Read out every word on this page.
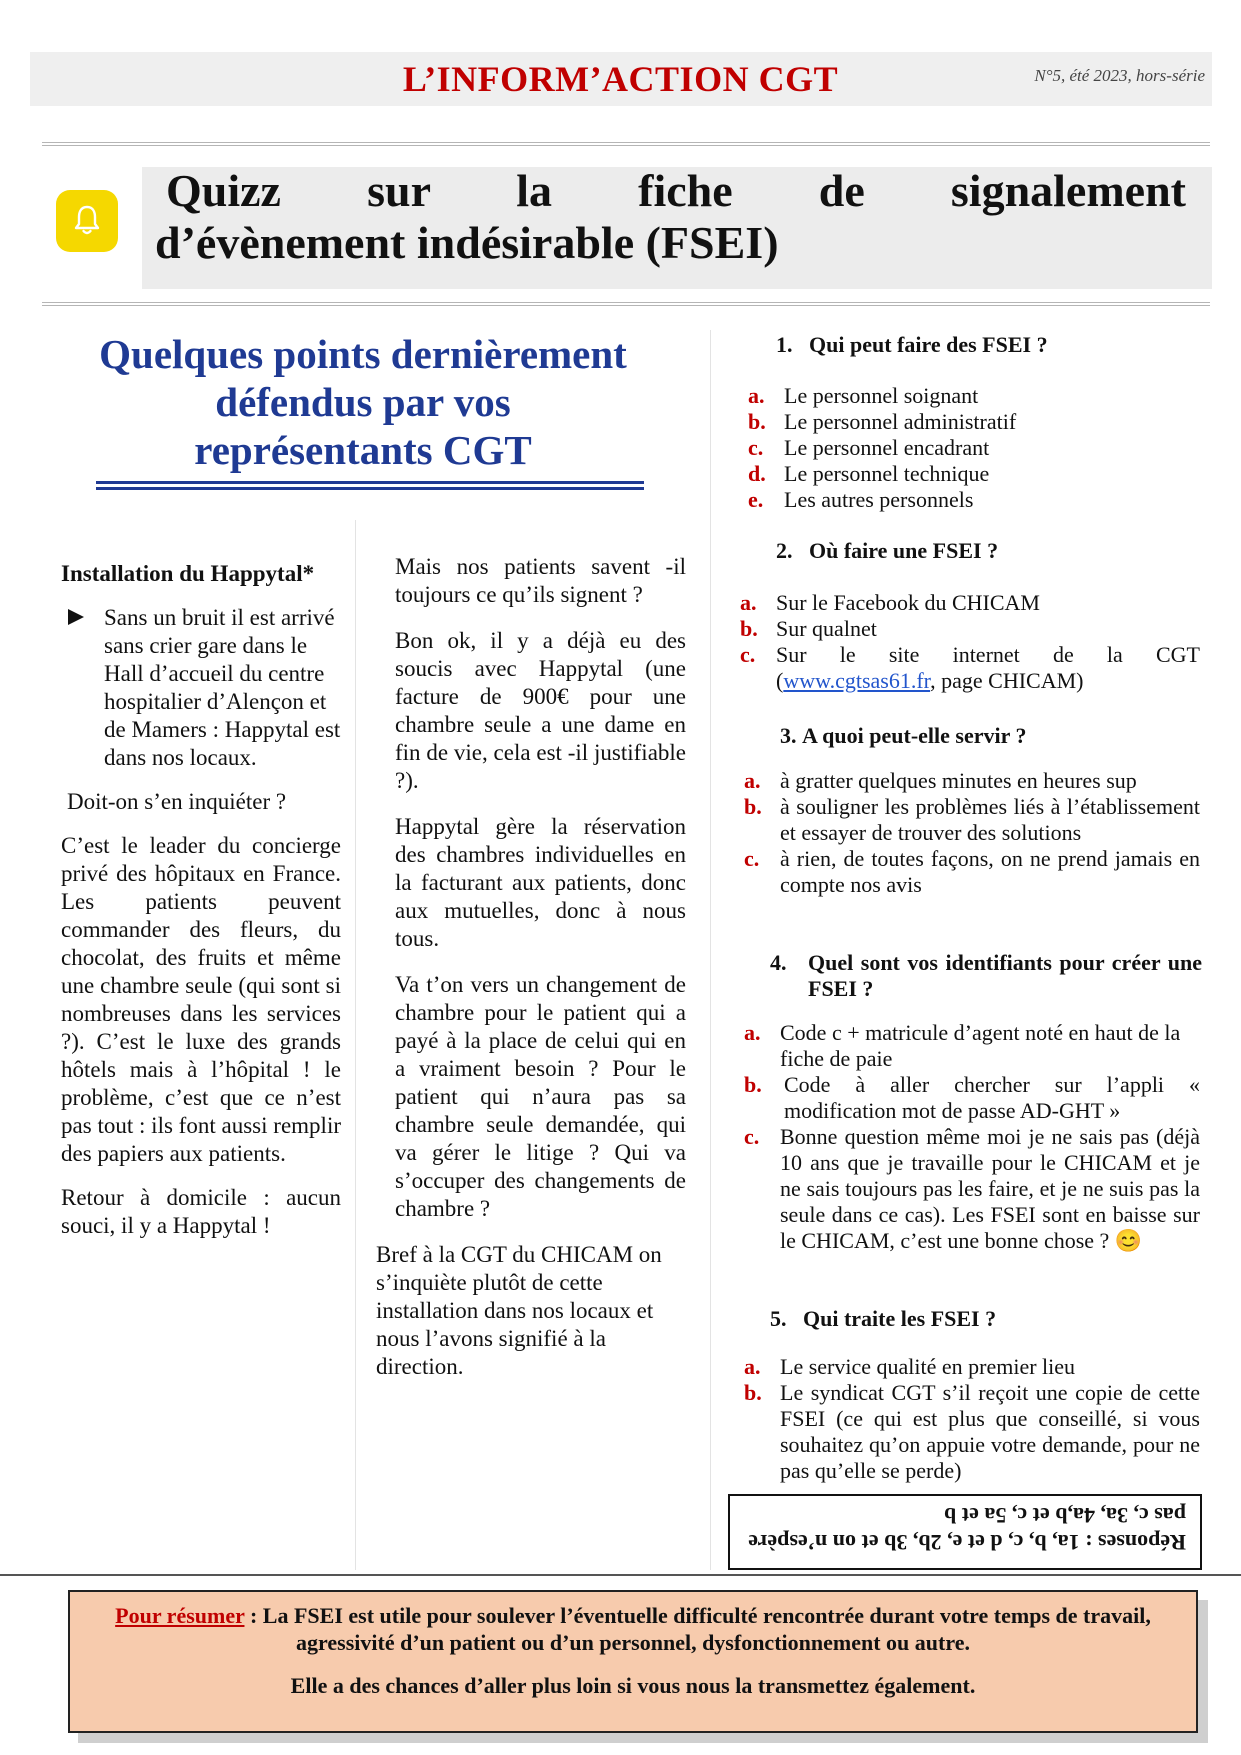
L’INFORM’ACTION CGT	N°5, été 2023, hors-série
Quizz sur la fiche de signalement
d’évènement indésirable (FSEI)
Quelques points dernièrement
défendus par vos
représentants CGT
Installation du Happytal*
Sans un bruit il est arrivé sans crier gare dans le Hall d’accueil du centre hospitalier d’Alençon et de Mamers : Happytal est dans nos locaux.
Doit-on s’en inquiéter ?
C’est le leader du concierge privé des hôpitaux en France. Les patients peuvent commander des fleurs, du chocolat, des fruits et même une chambre seule (qui sont si nombreuses dans les services ?). C’est le luxe des grands hôtels mais à l’hôpital ! le problème, c’est que ce n’est pas tout : ils font aussi remplir des papiers aux patients.
Retour à domicile : aucun souci, il y a Happytal !
Mais nos patients savent -il toujours ce qu’ils signent ?
Bon ok, il y a déjà eu des soucis avec Happytal (une facture de 900€ pour une chambre seule a une dame en fin de vie, cela est -il justifiable ?).
Happytal gère la réservation des chambres individuelles en la facturant aux patients, donc aux mutuelles, donc à nous tous.
Va t’on vers un changement de chambre pour le patient qui a payé à la place de celui qui en a vraiment besoin ? Pour le patient qui n’aura pas sa chambre seule demandée, qui va gérer le litige ? Qui va s’occuper des changements de chambre ?
Bref à la CGT du CHICAM on s’inquiète plutôt de cette installation dans nos locaux et nous l’avons signifié à la direction.
1. Qui peut faire des FSEI ?
a. Le personnel soignant
b. Le personnel administratif
c. Le personnel encadrant
d. Le personnel technique
e. Les autres personnels
2. Où faire une FSEI ?
a. Sur le Facebook du CHICAM
b. Sur qualnet
c. Sur le site internet de la CGT
(www.cgtsas61.fr, page CHICAM)
3. A quoi peut-elle servir ?
a. à gratter quelques minutes en heures sup
b. à souligner les problèmes liés à l’établissement et essayer de trouver des solutions
c. à rien, de toutes façons, on ne prend jamais en compte nos avis
4. Quel sont vos identifiants pour créer une FSEI ?
a. Code c + matricule d’agent noté en haut de la fiche de paie
b.	Code à aller chercher sur l’appli « modification mot de passe AD-GHT »
c. Bonne question même moi je ne sais pas (déjà 10 ans que je travaille pour le CHICAM et je ne sais toujours pas les faire, et je ne suis pas la seule dans ce cas). Les FSEI sont en baisse sur le CHICAM, c’est une bonne chose ? 😊
5. Qui traite les FSEI ?
a. Le service qualité en premier lieu
b. Le syndicat CGT s’il reçoit une copie de cette FSEI (ce qui est plus que conseillé, si vous souhaitez qu’on appuie votre demande, pour ne pas qu’elle se perde)
Réponses : 1a, b, c, d et e, 2b, 3b et on n’espère pas c, 3a, 4a,b et c, 5a et b

Pour résumer : La FSEI est utile pour soulever l’éventuelle difficulté rencontrée durant votre temps de travail, agressivité d’un patient ou d’un personnel, dysfonctionnement ou autre.

Elle a des chances d’aller plus loin si vous nous la transmettez également.
